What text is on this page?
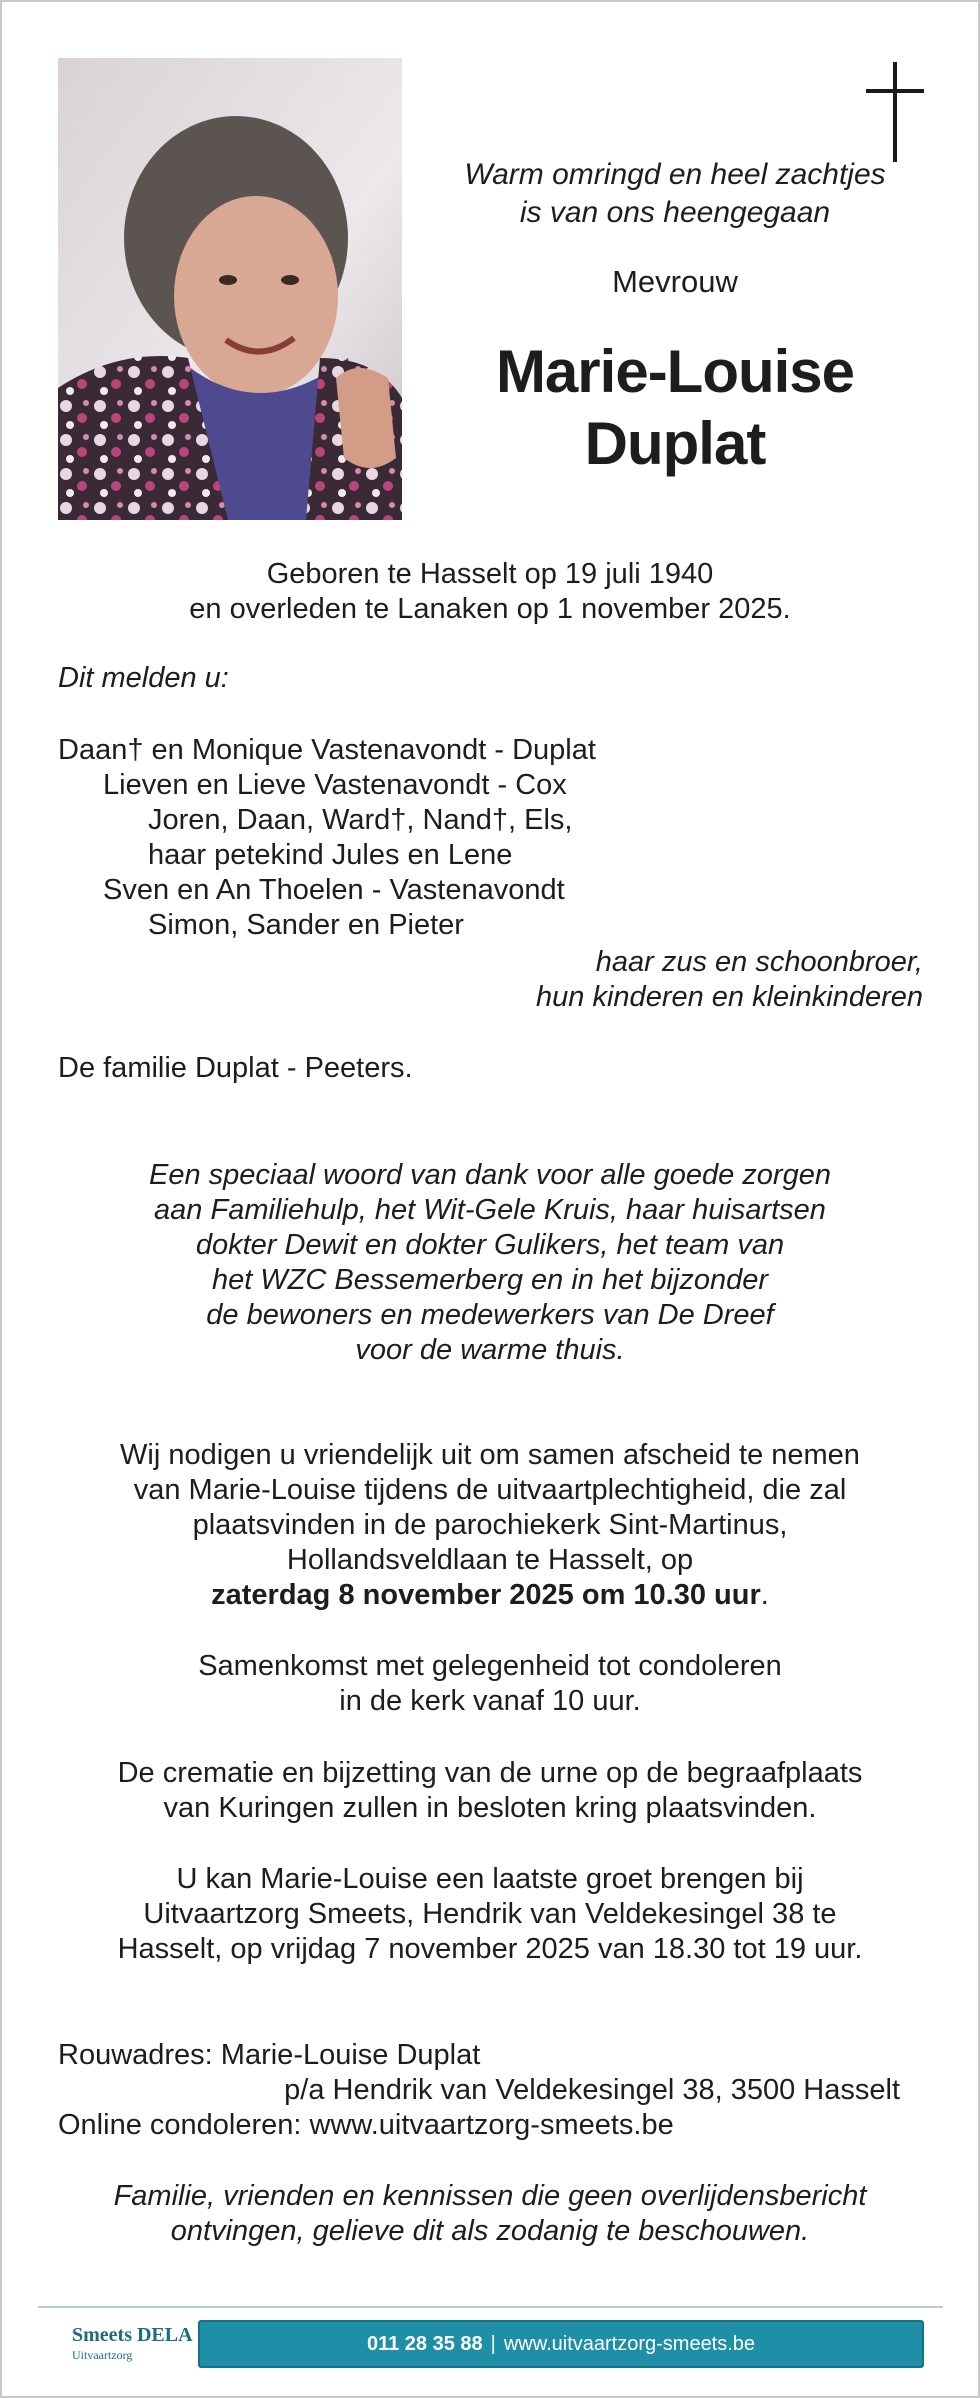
Warm omringd en heel zachtjes
is van ons heengegaan
Mevrouw
Marie-Louise
Duplat
Geboren te Hasselt op 19 juli 1940
en overleden te Lanaken op 1 november 2025.
Dit melden u:
Daan† en Monique Vastenavondt - Duplat
Lieven en Lieve Vastenavondt - Cox
Joren, Daan, Ward†, Nand†, Els,
haar petekind Jules en Lene
Sven en An Thoelen - Vastenavondt
Simon, Sander en Pieter
haar zus en schoonbroer,
hun kinderen en kleinkinderen
De familie Duplat - Peeters.
Een speciaal woord van dank voor alle goede zorgen
aan Familiehulp, het Wit-Gele Kruis, haar huisartsen
dokter Dewit en dokter Gulikers, het team van
het WZC Bessemerberg en in het bijzonder
de bewoners en medewerkers van De Dreef
voor de warme thuis.
Wij nodigen u vriendelijk uit om samen afscheid te nemen
van Marie-Louise tijdens de uitvaartplechtigheid, die zal
plaatsvinden in de parochiekerk Sint-Martinus,
Hollandsveldlaan te Hasselt, op
zaterdag 8 november 2025 om 10.30 uur.
Samenkomst met gelegenheid tot condoleren
in de kerk vanaf 10 uur.
De crematie en bijzetting van de urne op de begraafplaats
van Kuringen zullen in besloten kring plaatsvinden.
U kan Marie-Louise een laatste groet brengen bij
Uitvaartzorg Smeets, Hendrik van Veldekesingel 38 te
Hasselt, op vrijdag 7 november 2025 van 18.30 tot 19 uur.
Rouwadres: Marie-Louise Duplat
p/a Hendrik van Veldekesingel 38, 3500 Hasselt
Online condoleren: www.uitvaartzorg-smeets.be
Familie, vrienden en kennissen die geen overlijdensbericht
ontvingen, gelieve dit als zodanig te beschouwen.
Smeets DELA
Uitvaartzorg
011 28 35 88 | www.uitvaartzorg-smeets.be
